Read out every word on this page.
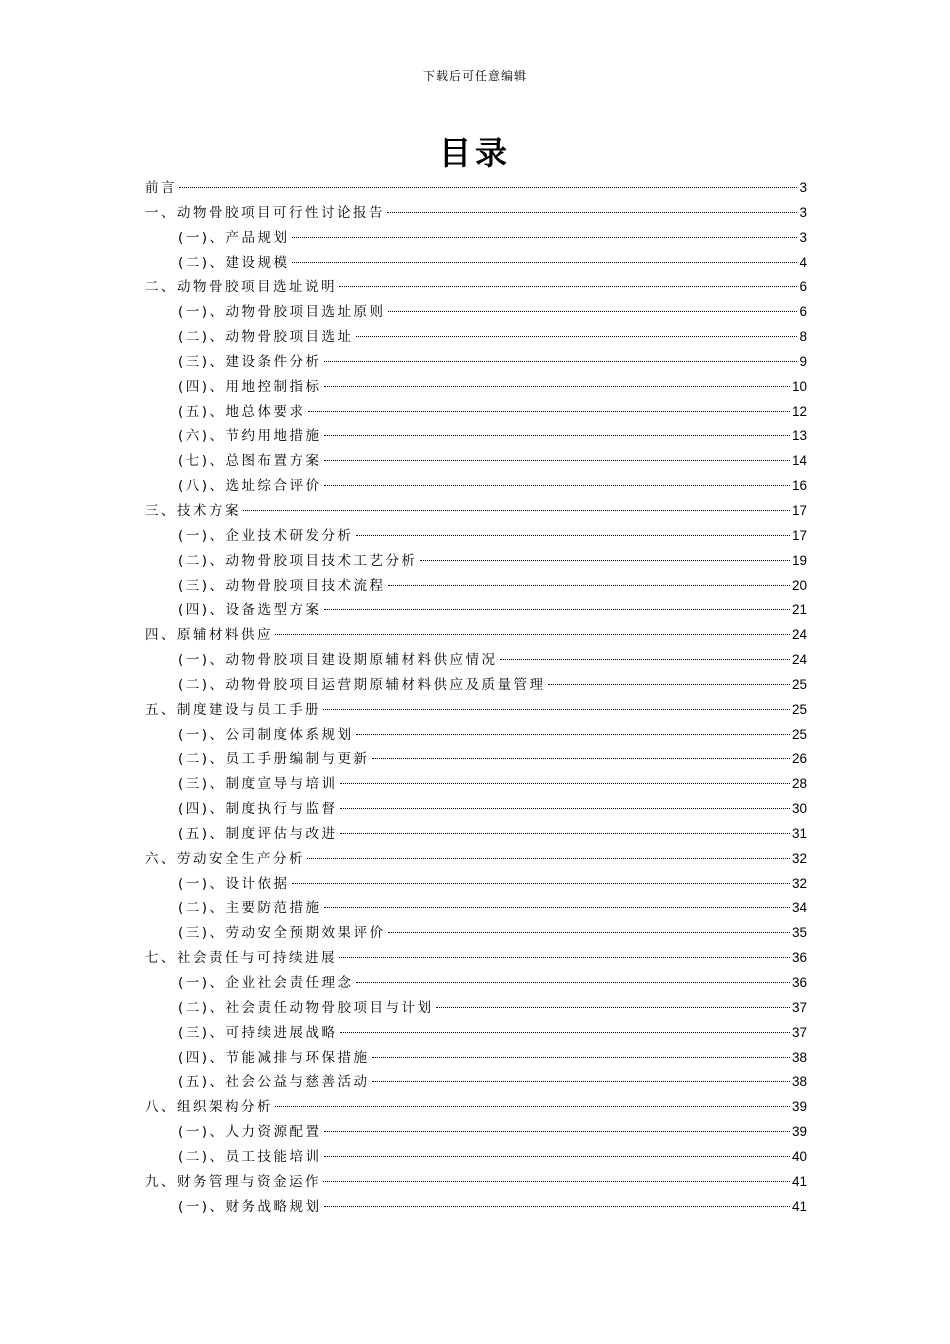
下载后可任意编辑
目录
前言	3
一、动物骨胶项目可行性讨论报告	3
(一)、产品规划	3
(二)、建设规模	4
二、动物骨胶项目选址说明	6
(一)、动物骨胶项目选址原则	6
(二)、动物骨胶项目选址	8
(三)、建设条件分析	9
(四)、用地控制指标	10
(五)、地总体要求	12
(六)、节约用地措施	13
(七)、总图布置方案	14
(八)、选址综合评价	16
三、技术方案	17
(一)、企业技术研发分析	17
(二)、动物骨胶项目技术工艺分析	19
(三)、动物骨胶项目技术流程	20
(四)、设备选型方案	21
四、原辅材料供应	24
(一)、动物骨胶项目建设期原辅材料供应情况	24
(二)、动物骨胶项目运营期原辅材料供应及质量管理	25
五、制度建设与员工手册	25
(一)、公司制度体系规划	25
(二)、员工手册编制与更新	26
(三)、制度宣导与培训	28
(四)、制度执行与监督	30
(五)、制度评估与改进	31
六、劳动安全生产分析	32
(一)、设计依据	32
(二)、主要防范措施	34
(三)、劳动安全预期效果评价	35
七、社会责任与可持续进展	36
(一)、企业社会责任理念	36
(二)、社会责任动物骨胶项目与计划	37
(三)、可持续进展战略	37
(四)、节能减排与环保措施	38
(五)、社会公益与慈善活动	38
八、组织架构分析	39
(一)、人力资源配置	39
(二)、员工技能培训	40
九、财务管理与资金运作	41
(一)、财务战略规划	41
